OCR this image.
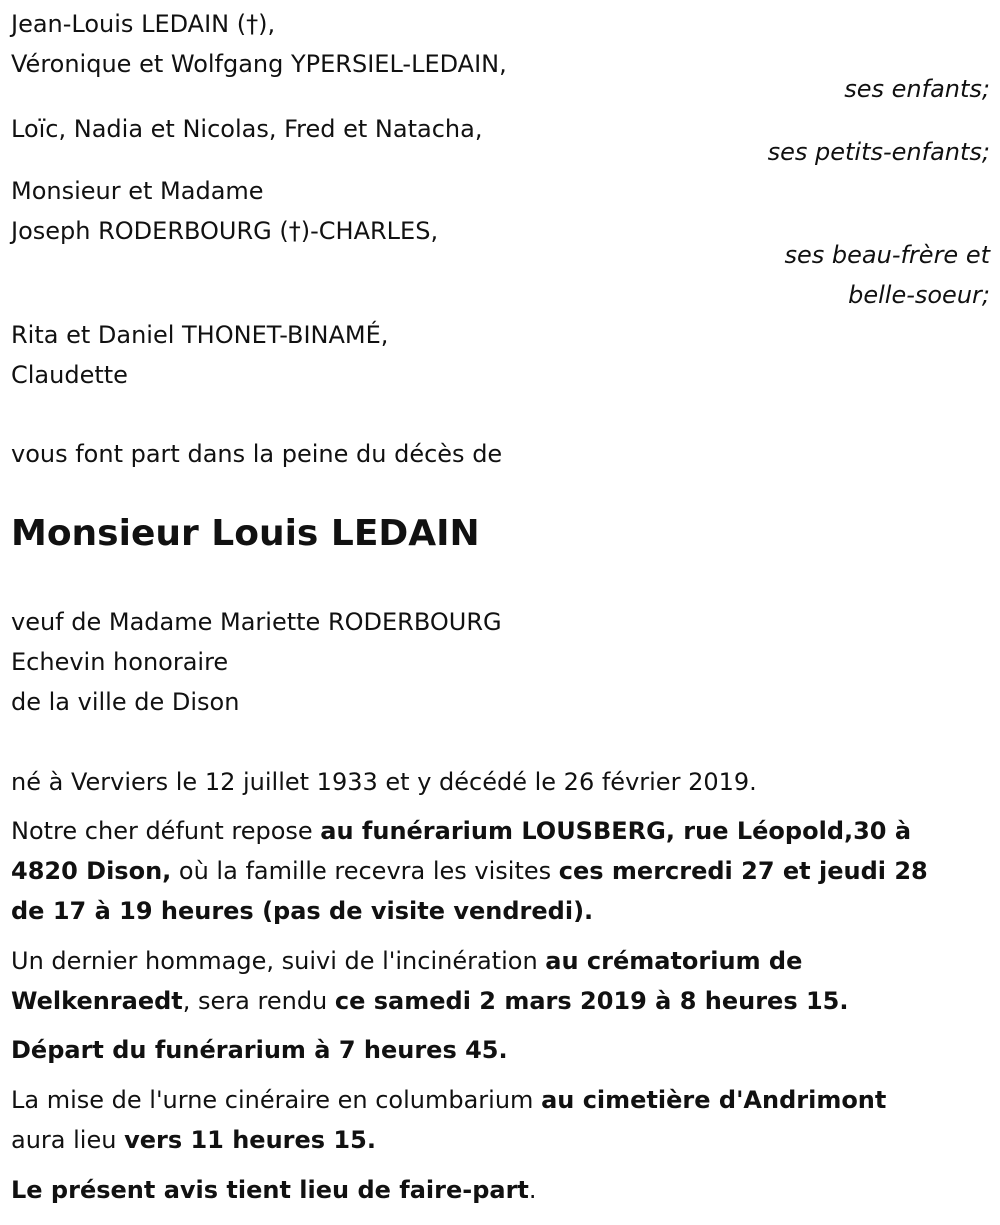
Jean-Louis LEDAIN (†),
Véronique et Wolfgang YPERSIEL-LEDAIN,
ses enfants;
Loïc, Nadia et Nicolas, Fred et Natacha,
ses petits-enfants;
Monsieur et Madame
Joseph RODERBOURG (†)-CHARLES,
ses beau-frère et
belle-soeur;
Rita et Daniel THONET-BINAMÉ,
Claudette
vous font part dans la peine du décès de
Monsieur Louis LEDAIN
veuf de Madame Mariette RODERBOURG
Echevin honoraire
de la ville de Dison
né à Verviers le 12 juillet 1933 et y décédé le 26 février 2019.
Notre cher défunt repose au funérarium LOUSBERG, rue Léopold,30 à
4820 Dison, où la famille recevra les visites ces mercredi 27 et jeudi 28
de 17 à 19 heures (pas de visite vendredi).
Un dernier hommage, suivi de l'incinération au crématorium de
Welkenraedt, sera rendu ce samedi 2 mars 2019 à 8 heures 15.
Départ du funérarium à 7 heures 45.
La mise de l'urne cinéraire en columbarium au cimetière d'Andrimont
aura lieu vers 11 heures 15.
Le présent avis tient lieu de faire-part.
